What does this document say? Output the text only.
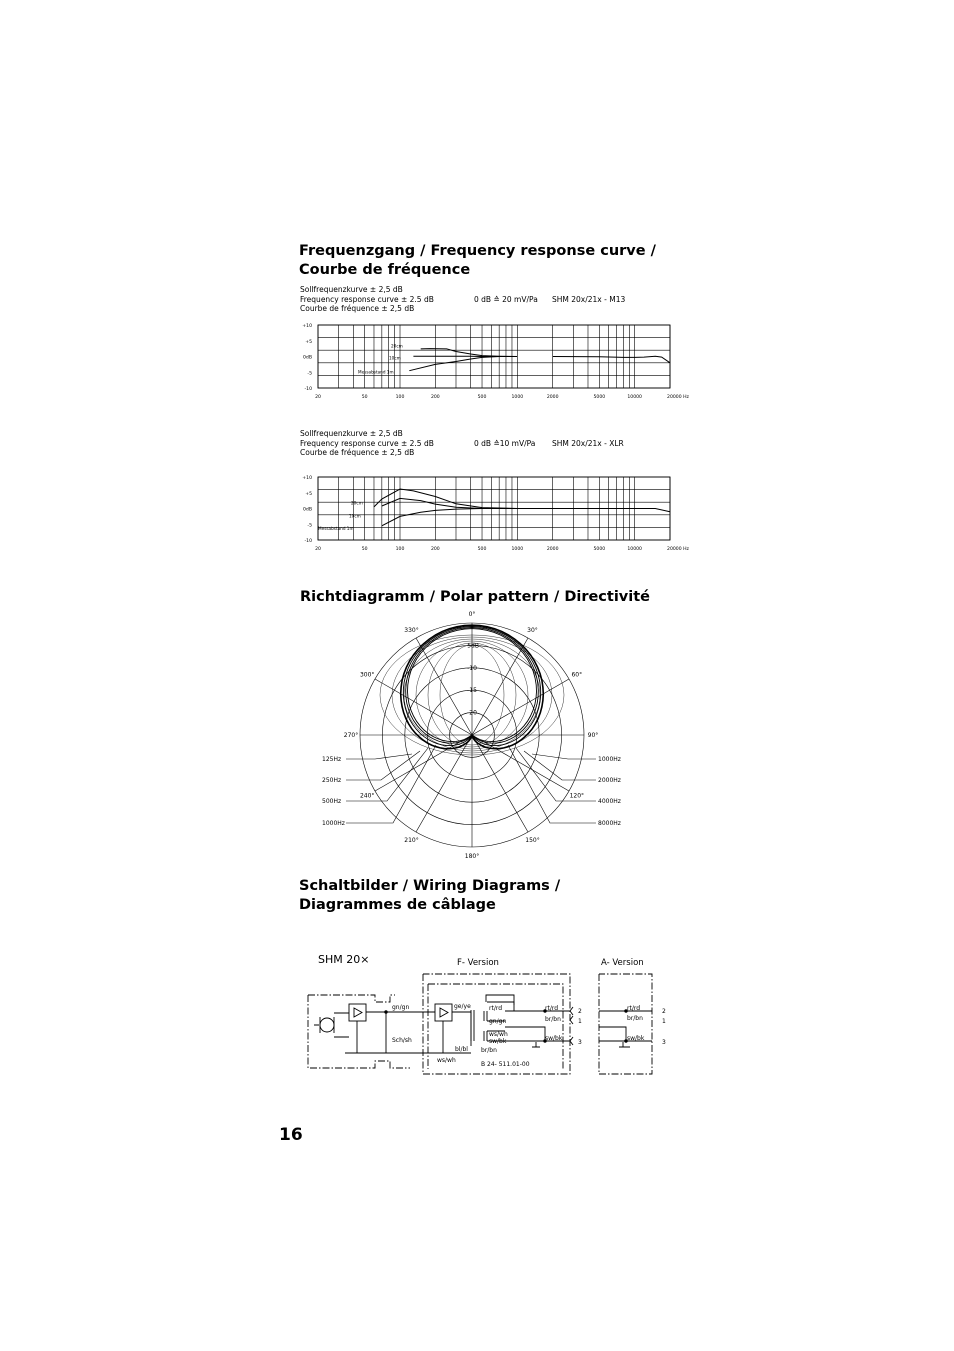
Frequenzgang / Frequency response curve /
Courbe de fréquence
Sollfrequenzkurve ± 2,5 dB
Frequency response curve ± 2.5 dB
Courbe de fréquence ± 2,5 dB
0 dB ≙ 20 mV/Pa SHM 20x/21x - M13
+10
+5
0dB
-5
-10
20	50	100	200	500	1000	2000	5000	10000	20000 Hz
20cm
10cm
Messabstand 1m
Sollfrequenzkurve ± 2,5 dB
Frequency response curve ± 2.5 dB
Courbe de fréquence ± 2,5 dB
0 dB ≙10 mV/Pa SHM 20x/21x - XLR
+10
+5
0dB
-5
-10
20	50	100	200	500	1000	2000	5000	10000	20000 Hz
20cm
10cm
Messabstand 1m
Richtdiagramm / Polar pattern / Directivité
0°
30°
60°
90°
120°
150°
180°
210°
240°
270°
300°
330°
-5dB
-10
-15
-20
125Hz
250Hz
500Hz
1000Hz
1000Hz
2000Hz
4000Hz
8000Hz
Schaltbilder / Wiring Diagrams /
Diagrammes de câblage
SHM 20×	F- Version	A- Version
gn/gn
Sch/sh
ge/ye
bl/bl
ws/wh
rt/rd
gn/gn
ws/wh
sw/bk
br/bn
rt/rd
br/bn
sw/bk
rt/rd
br/bn
sw/bk
B 24- 511.01-00
2
1
3
2
1
3
16
